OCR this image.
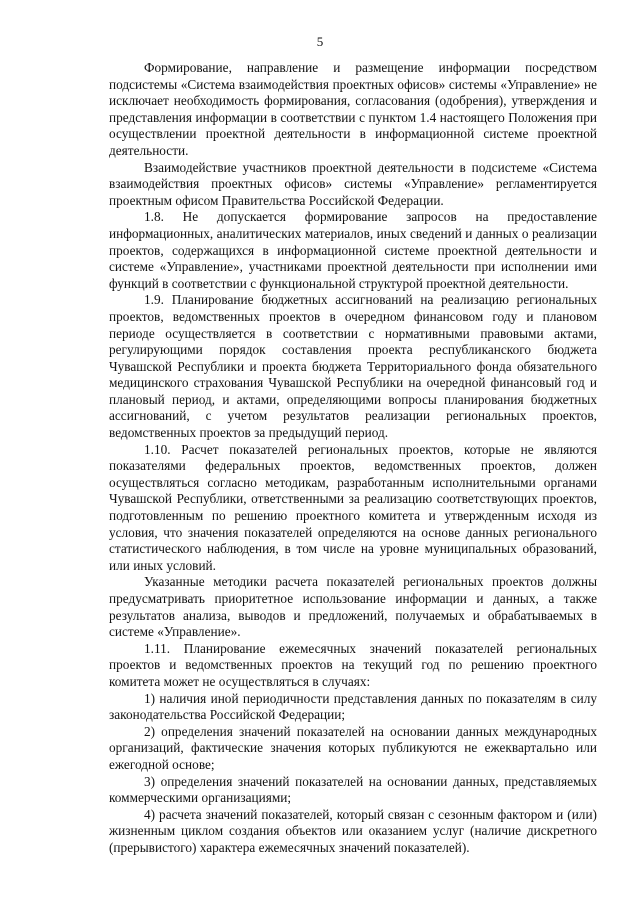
5

Формирование, направление и размещение информации посредством подсистемы «Система взаимодействия проектных офисов» системы «Управление» не исключает необходимость формирования, согласования (одобрения), утверждения и представления информации в соответствии с пунктом 1.4 настоящего Положения при осуществлении проектной деятельности в информационной системе проектной деятельности.

Взаимодействие участников проектной деятельности в подсистеме «Система взаимодействия проектных офисов» системы «Управление» регламентируется проектным офисом Правительства Российской Федерации.

1.8. Не допускается формирование запросов на предоставление информационных, аналитических материалов, иных сведений и данных о реализации проектов, содержащихся в информационной системе проектной деятельности и системе «Управление», участниками проектной деятельности при исполнении ими функций в соответствии с функциональной структурой проектной деятельности.

1.9. Планирование бюджетных ассигнований на реализацию региональных проектов, ведомственных проектов в очередном финансовом году и плановом периоде осуществляется в соответствии с нормативными правовыми актами, регулирующими порядок составления проекта республиканского бюджета Чувашской Республики и проекта бюджета Территориального фонда обязательного медицинского страхования Чувашской Республики на очередной финансовый год и плановый период, и актами, определяющими вопросы планирования бюджетных ассигнований, с учетом результатов реализации региональных проектов, ведомственных проектов за предыдущий период.

1.10. Расчет показателей региональных проектов, которые не являются показателями федеральных проектов, ведомственных проектов, должен осуществляться согласно методикам, разработанным исполнительными органами Чувашской Республики, ответственными за реализацию соответствующих проектов, подготовленным по решению проектного комитета и утвержденным исходя из условия, что значения показателей определяются на основе данных регионального статистического наблюдения, в том числе на уровне муниципальных образований, или иных условий.

Указанные методики расчета показателей региональных проектов должны предусматривать приоритетное использование информации и данных, а также результатов анализа, выводов и предложений, получаемых и обрабатываемых в системе «Управление».

1.11. Планирование ежемесячных значений показателей региональных проектов и ведомственных проектов на текущий год по решению проектного комитета может не осуществляться в случаях:

1) наличия иной периодичности представления данных по показателям в силу законодательства Российской Федерации;

2) определения значений показателей на основании данных международных организаций, фактические значения которых публикуются не ежеквартально или ежегодной основе;

3) определения значений показателей на основании данных, представляемых коммерческими организациями;

4) расчета значений показателей, который связан с сезонным фактором и (или) жизненным циклом создания объектов или оказанием услуг (наличие дискретного (прерывистого) характера ежемесячных значений показателей).
